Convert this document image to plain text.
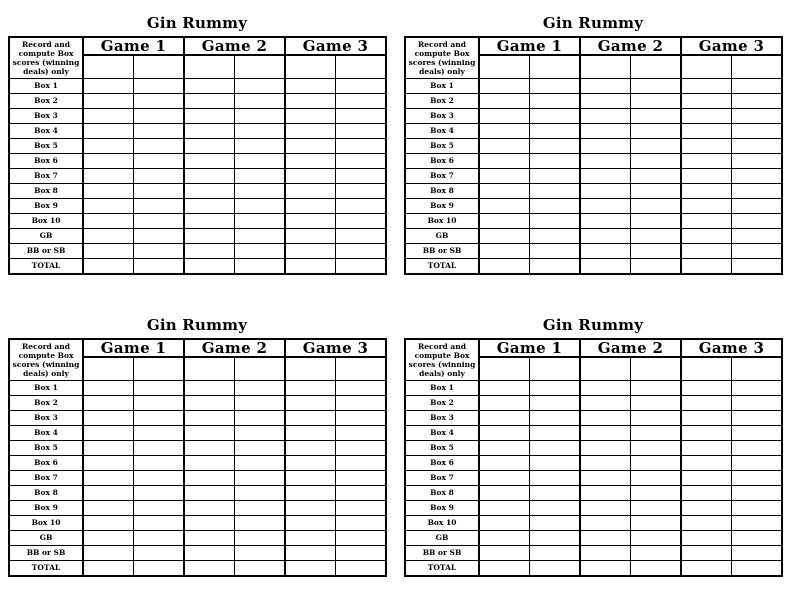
Gin Rummy
Record and compute Box scores (winning deals) only	Game 1		Game 2		Game 3	

Box 1						
Box 2						
Box 3						
Box 4						
Box 5						
Box 6						
Box 7						
Box 8						
Box 9						
Box 10						
GB						
BB or SB						
TOTAL						
Gin Rummy
Record and compute Box scores (winning deals) only	Game 1		Game 2		Game 3	

Box 1						
Box 2						
Box 3						
Box 4						
Box 5						
Box 6						
Box 7						
Box 8						
Box 9						
Box 10						
GB						
BB or SB						
TOTAL						
Gin Rummy
Record and compute Box scores (winning deals) only	Game 1		Game 2		Game 3	

Box 1						
Box 2						
Box 3						
Box 4						
Box 5						
Box 6						
Box 7						
Box 8						
Box 9						
Box 10						
GB						
BB or SB						
TOTAL						
Gin Rummy
Record and compute Box scores (winning deals) only	Game 1		Game 2		Game 3	

Box 1						
Box 2						
Box 3						
Box 4						
Box 5						
Box 6						
Box 7						
Box 8						
Box 9						
Box 10						
GB						
BB or SB						
TOTAL						
